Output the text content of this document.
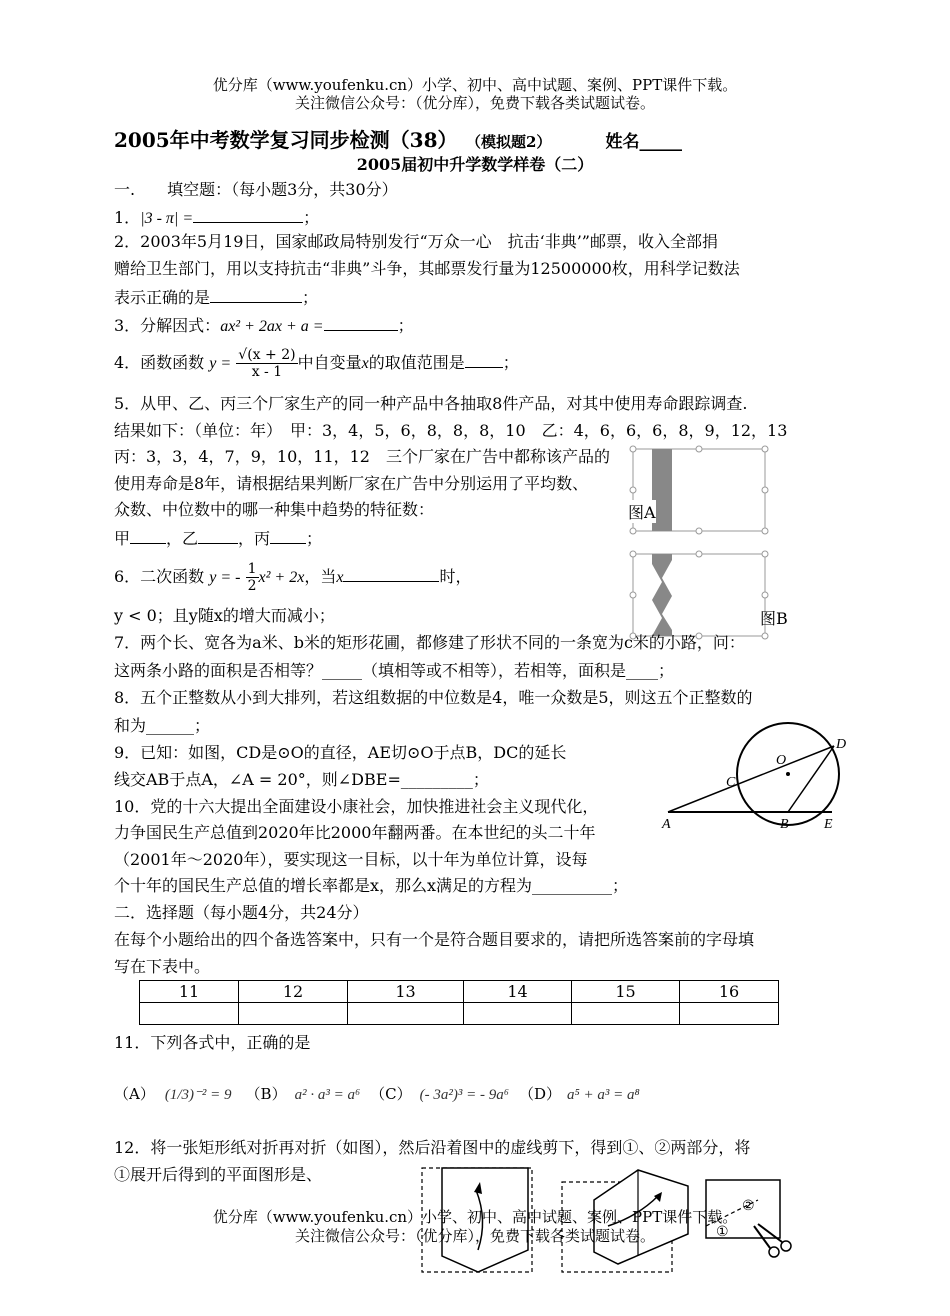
优分库（www.youfenku.cn）小学、初中、高中试题、案例、PPT课件下载。
关注微信公众号：（优分库），免费下载各类试题试卷。
2005年中考数学复习同步检测（38） （模拟题2）	姓名_____
2005届初中升学数学样卷（二）
一.　　填空题：（每小题3分，共30分）
1．|3 - π| =	；
2．2003年5月19日，国家邮政局特别发行“万众一心　抗击‘非典’”邮票，收入全部捐
赠给卫生部门，用以支持抗击“非典”斗争，其邮票发行量为12500000枚，用科学记数法
表示正确的是	；
3．分解因式：ax² + 2ax + a =	；
4．函数函数 $y = \frac{√(x + 2)}{x - 1}$ 中自变量x的取值范围是 ；
5．从甲、乙、丙三个厂家生产的同一种产品中各抽取8件产品，对其中使用寿命跟踪调查.
结果如下：（单位：年）　甲：3，4，5，6，8，8，8，10　乙：4，6，6，6，8，9，12，13
丙：3，3，4，7，9，10，11，12　三个厂家在广告中都称该产品的
使用寿命是8年，请根据结果判断厂家在广告中分别运用了平均数、
众数、中位数中的哪一种集中趋势的特征数：
甲 ，乙	，丙 ；
图A
6．二次函数 y = - $\frac{1}{2} x^2 + 2x$，当x	时，
y < 0；且y随x的增大而减小；	图B
7．两个长、宽各为a米、b米的矩形花圃，都修建了形状不同的一条宽为c米的小路，问：
这两条小路的面积是否相等？_____（填相等或不相等），若相等，面积是____；
8．五个正整数从小到大排列，若这组数据的中位数是4，唯一众数是5，则这五个正整数的
和为______；
9．已知：如图，CD是⊙O的直径，AE切⊙O于点B，DC的延长
线交AB于点A，∠A = 20°，则∠DBE=_________；
10．党的十六大提出全面建设小康社会，加快推进社会主义现代化，
力争国民生产总值到2020年比2000年翻两番。在本世纪的头二十年
（2001年～2020年），要实现这一目标，以十年为单位计算，设每
个十年的国民生产总值的增长率都是x，那么x满足的方程为__________；
O
D
C
A	B	E
二．选择题（每小题4分，共24分）
在每个小题给出的四个备选答案中，只有一个是符合题目要求的，请把所选答案前的字母填
写在下表中。
11	12	13	14	15	16

11．下列各式中，正确的是
（A） (1/3)⁻² = 9 （B） a² · a³ = a⁶ （C） (- 3a²)³ = - 9a⁶ （D） a⁵ + a³ = a⁸
12．将一张矩形纸对折再对折（如图），然后沿着图中的虚线剪下，得到①、②两部分，将
①展开后得到的平面图形是、
②
①
优分库（www.youfenku.cn）小学、初中、高中试题、案例、PPT课件下载。
关注微信公众号：（优分库），免费下载各类试题试卷。
